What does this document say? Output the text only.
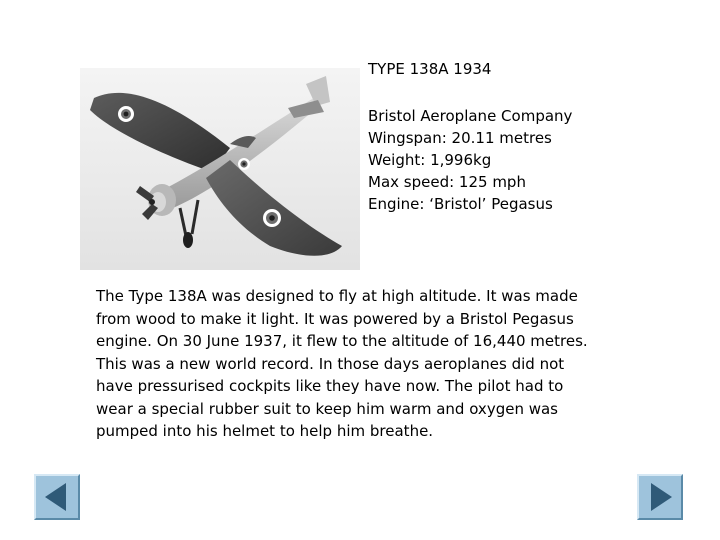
TYPE 138A 1934
Bristol Aeroplane Company
Wingspan: 20.11 metres
Weight: 1,996kg
Max speed: 125 mph
Engine: ‘Bristol’ Pegasus
The Type 138A was designed to fly at high altitude. It was made
from wood to make it light. It was powered by a Bristol Pegasus
engine. On 30 June 1937, it flew to the altitude of 16,440 metres.
This was a new world record. In those days aeroplanes did not
have pressurised cockpits like they have now. The pilot had to
wear a special rubber suit to keep him warm and oxygen was
pumped into his helmet to help him breathe.
